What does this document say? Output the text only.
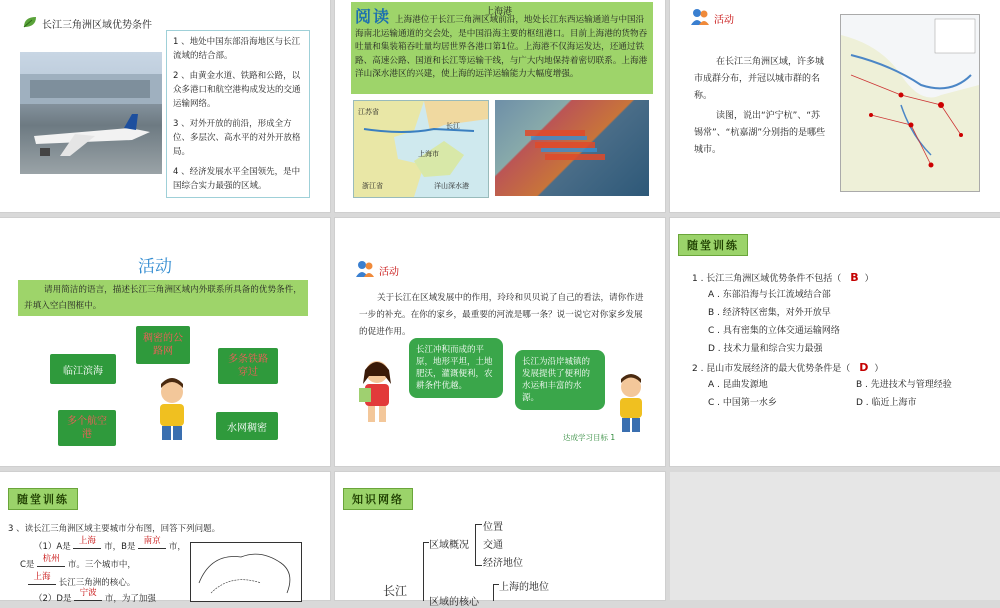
长江三角洲区域优势条件
1 、地处中国东部沿海地区与长江流域的结合部。
2 、由黄金水道、铁路和公路，以众多港口和航空港构成发达的交通运输网络。
3 、对外开放的前沿，形成全方位、多层次、高水平的对外开放格局。
4 、经济发展水平全国领先，是中国综合实力最强的区域。
阅读	上海港
上海港位于长江三角洲区域前沿，地处长江东西运输通道与中国沿海南北运输通道的交会处，是中国沿海主要的枢纽港口。目前上海港的货物吞吐量和集装箱吞吐量均居世界各港口第1位。上海港不仅海运发达，还通过铁路、高速公路、国道和长江等运输干线，与广大内地保持着密切联系。上海港洋山深水港区的兴建，使上海的远洋运输能力大幅度增强。
江苏省
上海市
长江
浙江省	洋山深水港
活动
在长江三角洲区域，许多城市成群分布，并冠以城市群的名称。
读图，说出“沪宁杭”、“苏锡常”、“杭嘉湖”分别指的是哪些城市。
活动
请用简洁的语言，描述长江三角洲区域内外联系所具备的优势条件，并填入空白图框中。
稠密的公路网
多条铁路穿过
临江滨海
水网稠密
多个航空港
活动
关于长江在区域发展中的作用，玲玲和贝贝说了自己的看法，请你作进一步的补充。在你的家乡，最重要的河流是哪一条？说一说它对你家乡发展的促进作用。
长江冲积而成的平原，地形平坦，土地肥沃，灌溉便利，农耕条件优越。
长江为沿岸城镇的发展提供了便利的水运和丰富的水源。
达成学习目标 1
随堂训练
1 . 长江三角洲区域优势条件不包括（ B ）
A . 东部沿海与长江流域结合部
B . 经济特区密集，对外开放早
C . 具有密集的立体交通运输网络
D . 技术力量和综合实力最强
2 . 昆山市发展经济的最大优势条件是（ D ）
A . 昆曲发源地	B . 先进技术与管理经验
C . 中国第一水乡	D . 临近上海市
随堂训练
3 、读长江三角洲区域主要城市分布图，回答下列问题。
（1）A是 上海 市，B是 南京 市，
C是 杭州 市。三个城市中，
上海 长江三角洲的核心。
（2）D是 宁波 市，为了加强
知识网络
长江
区域概况
位置
交通
经济地位
区域的核心
上海的地位
